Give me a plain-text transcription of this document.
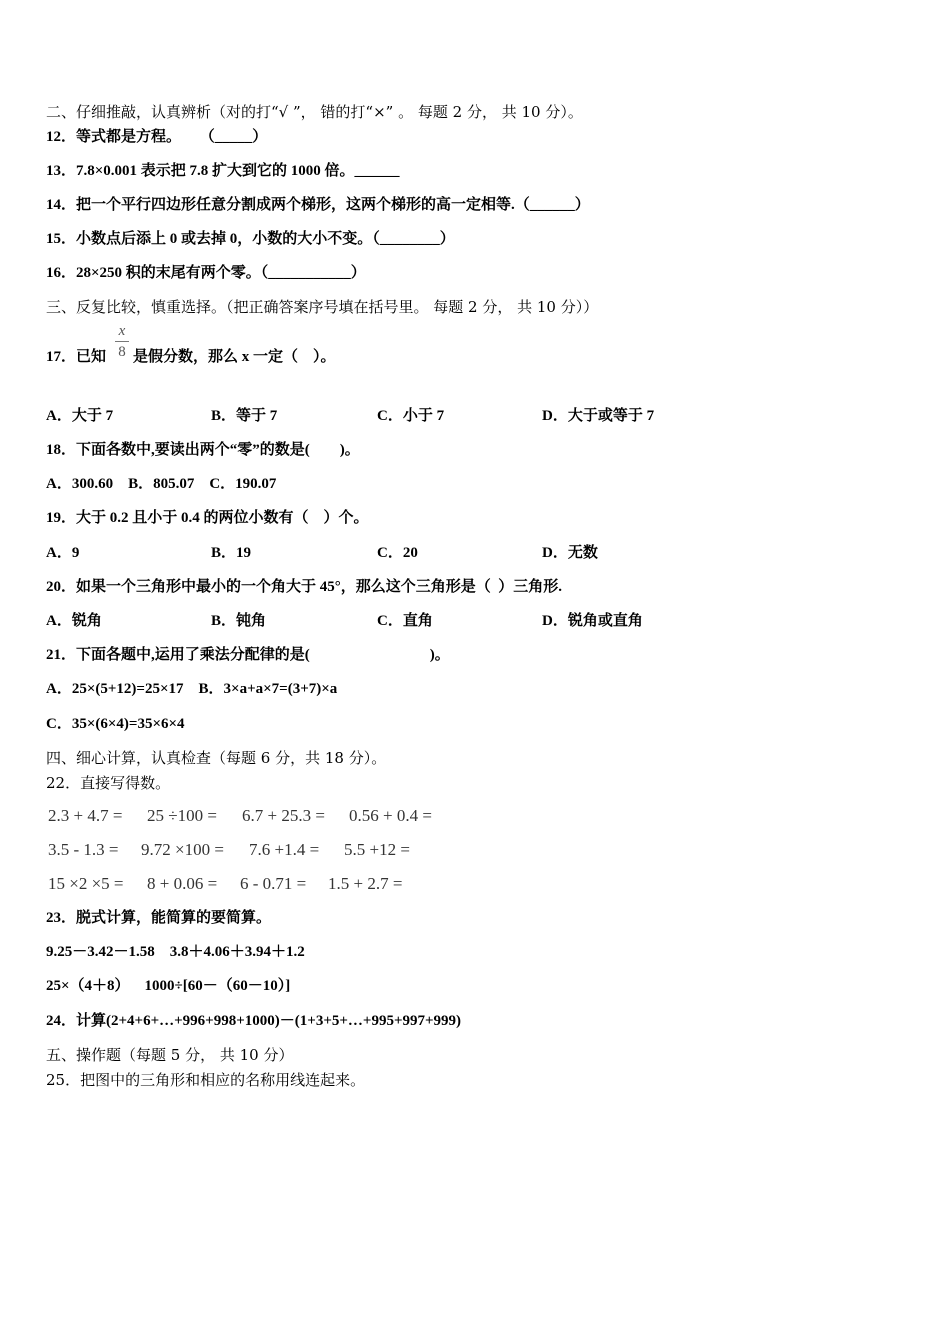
二、仔细推敲，认真辨析（对的打“√ ”， 错的打“×” 。 每题 2 分， 共 10 分）。
12．等式都是方程。     （_____）
13．7.8×0.001 表示把 7.8 扩大到它的 1000 倍。______
14．把一个平行四边形任意分割成两个梯形，这两个梯形的高一定相等.（______）
15．小数点后添上 0 或去掉 0，小数的大小不变。（________）
16．28×250 积的末尾有两个零。（___________）
三、反复比较，慎重选择。（把正确答案序号填在括号里。 每题 2 分， 共 10 分））
17．已知
x
8 是假分数，那么 x 一定（    ）。
A．大于 7	B．等于 7	C．小于 7	D．大于或等于 7
18．下面各数中,要读出两个“零”的数是(        )。
A．300.60    B．805.07    C．190.07
19．大于 0.2 且小于 0.4 的两位小数有（    ）个。
A．9	B．19	C．20	D．无数
20．如果一个三角形中最小的一个角大于 45°，那么这个三角形是（  ）三角形.
A．锐角	B．钝角	C．直角	D．锐角或直角
21．下面各题中,运用了乘法分配律的是(                                )。
A．25×(5+12)=25×17    B．3×a+a×7=(3+7)×a
C．35×(6×4)=35×6×4
四、细心计算，认真检查（每题 6 分，共 18 分）。
22．直接写得数。
2.3 + 4.7 = 25 ÷100 = 6.7 + 25.3 = 0.56 + 0.4 =
3.5 - 1.3 = 9.72 ×100 = 7.6 +1.4 = 5.5 +12 =
15 ×2 ×5 = 8 + 0.06 = 6 - 0.71 = 1.5 + 2.7 =
23．脱式计算，能简算的要简算。
9.25－3.42－1.58    3.8＋4.06＋3.94＋1.2
25×（4＋8）    1000÷[60－（60－10）]
24．计算(2+4+6+…+996+998+1000)－(1+3+5+…+995+997+999)
五、操作题（每题 5 分， 共 10 分）
25．把图中的三角形和相应的名称用线连起来。
